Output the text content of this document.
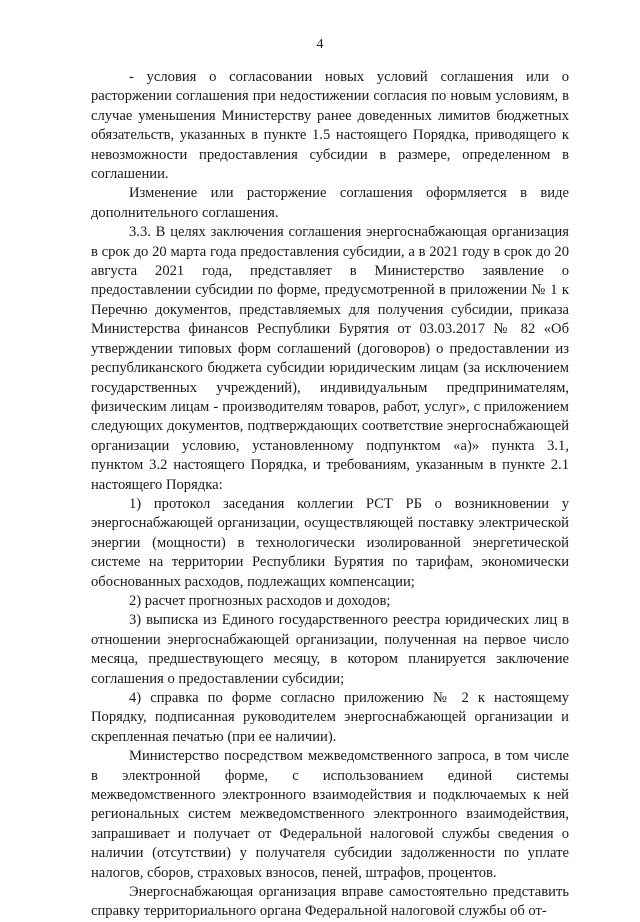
4

- условия о согласовании новых условий соглашения или о расторжении соглашения при недостижении согласия по новым условиям, в случае уменьшения Министерству ранее доведенных лимитов бюджетных обязательств, указанных в пункте 1.5 настоящего Порядка, приводящего к невозможности предоставления субсидии в размере, определенном в соглашении.

Изменение или расторжение соглашения оформляется в виде дополнительного соглашения.

3.3. В целях заключения соглашения энергоснабжающая организация в срок до 20 марта года предоставления субсидии, а в 2021 году в срок до 20 августа 2021 года, представляет в Министерство заявление о предоставлении субсидии по форме, предусмотренной в приложении № 1 к Перечню документов, представляемых для получения субсидии, приказа Министерства финансов Республики Бурятия от 03.03.2017 № 82 «Об утверждении типовых форм соглашений (договоров) о предоставлении из республиканского бюджета субсидии юридическим лицам (за исключением государственных учреждений), индивидуальным предпринимателям, физическим лицам - производителям товаров, работ, услуг», с приложением следующих документов, подтверждающих соответствие энергоснабжающей организации условию, установленному подпунктом «а)» пункта 3.1, пунктом 3.2 настоящего Порядка, и требованиям, указанным в пункте 2.1 настоящего Порядка:

1) протокол заседания коллегии РСТ РБ о возникновении у энергоснабжающей организации, осуществляющей поставку электрической энергии (мощности) в технологически изолированной энергетической системе на территории Республики Бурятия по тарифам, экономически обоснованных расходов, подлежащих компенсации;

2) расчет прогнозных расходов и доходов;

3) выписка из Единого государственного реестра юридических лиц в отношении энергоснабжающей организации, полученная на первое число месяца, предшествующего месяцу, в котором планируется заключение соглашения о предоставлении субсидии;

4) справка по форме согласно приложению № 2 к настоящему Порядку, подписанная руководителем энергоснабжающей организации и скрепленная печатью (при ее наличии).

Министерство посредством межведомственного запроса, в том числе в электронной форме, с использованием единой системы межведомственного электронного взаимодействия и подключаемых к ней региональных систем межведомственного электронного взаимодействия, запрашивает и получает от Федеральной налоговой службы сведения о наличии (отсутствии) у получателя субсидии задолженности по уплате налогов, сборов, страховых взносов, пеней, штрафов, процентов.

Энергоснабжающая организация вправе самостоятельно представить справку территориального органа Федеральной налоговой службы об от-
